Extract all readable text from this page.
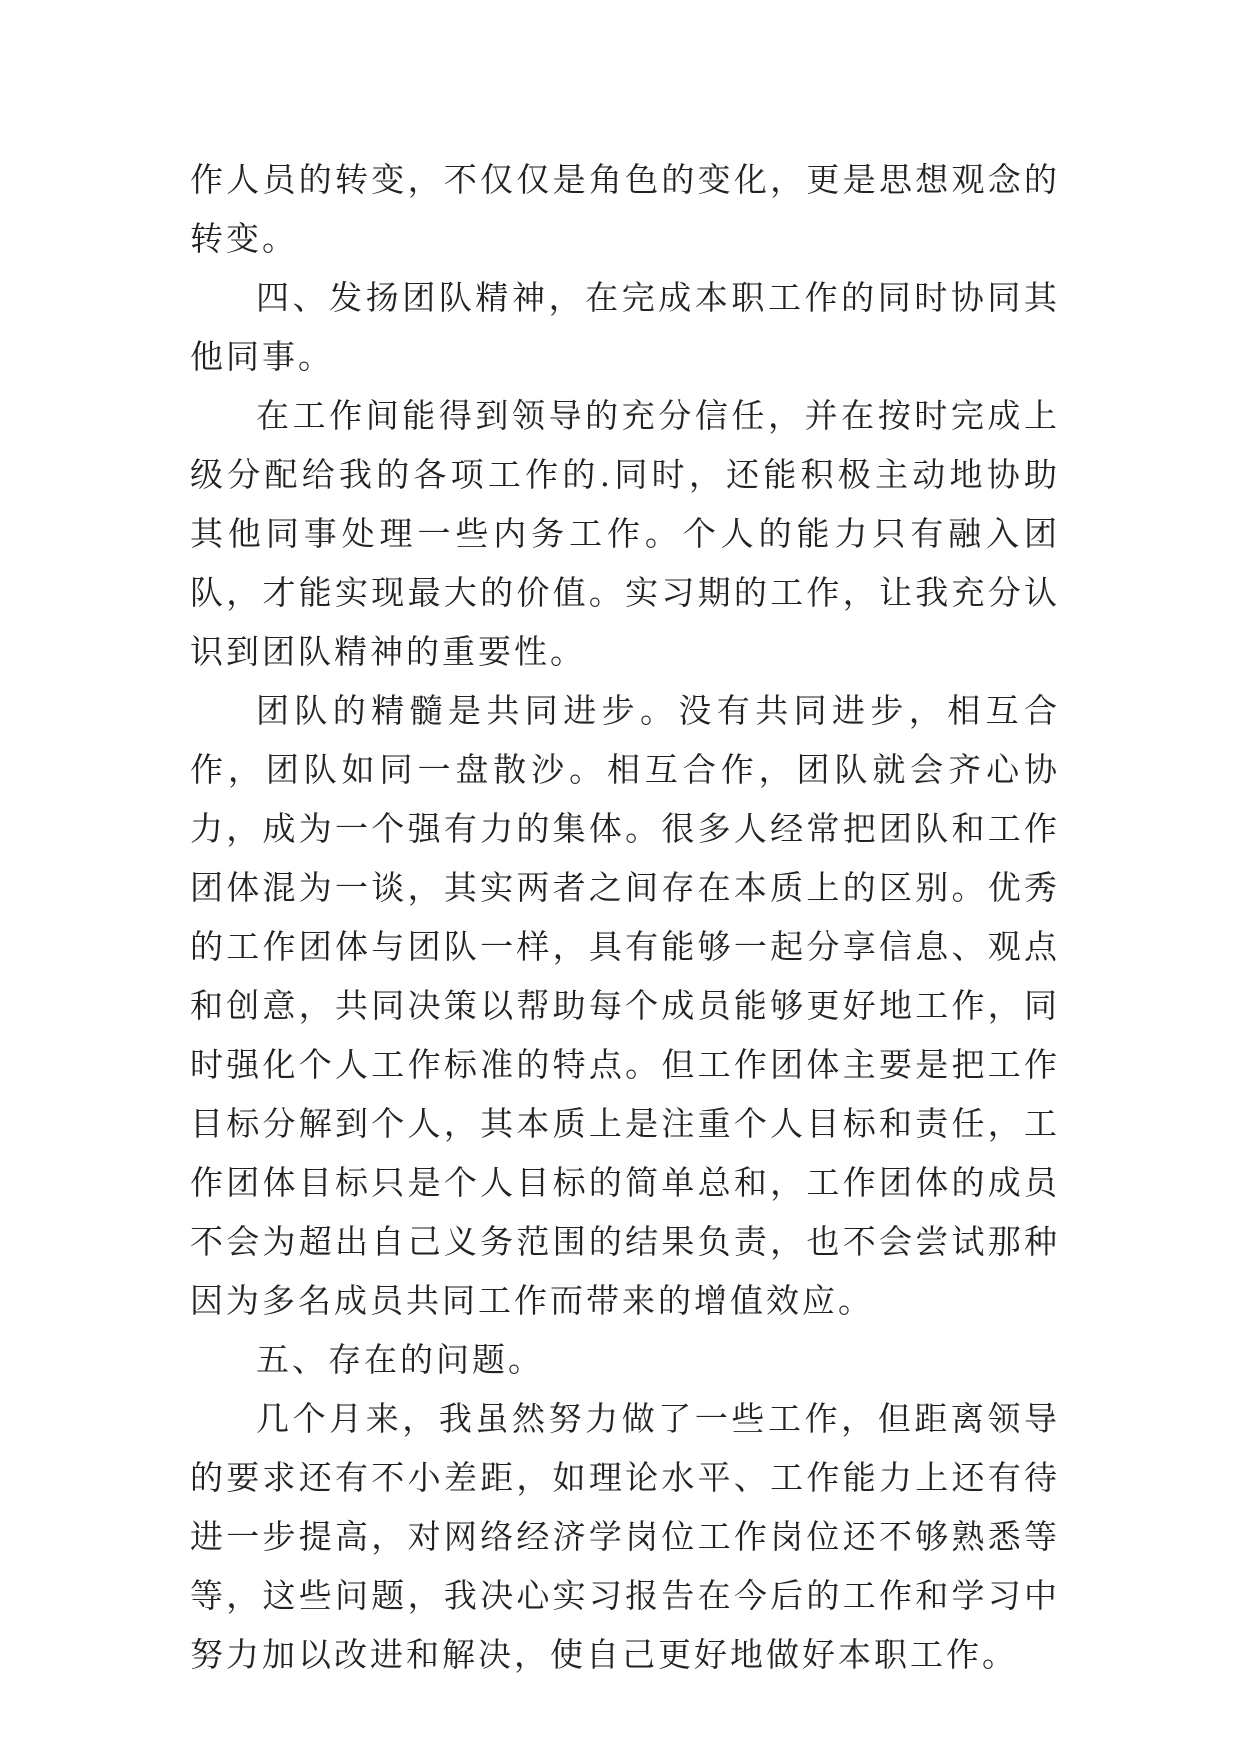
作人员的转变，不仅仅是角色的变化，更是思想观念的转变。

四、发扬团队精神，在完成本职工作的同时协同其他同事。

在工作间能得到领导的充分信任，并在按时完成上级分配给我的各项工作的.同时，还能积极主动地协助其他同事处理一些内务工作。个人的能力只有融入团队，才能实现最大的价值。实习期的工作，让我充分认识到团队精神的重要性。

团队的精髓是共同进步。没有共同进步，相互合作，团队如同一盘散沙。相互合作，团队就会齐心协力，成为一个强有力的集体。很多人经常把团队和工作团体混为一谈，其实两者之间存在本质上的区别。优秀的工作团体与团队一样，具有能够一起分享信息、观点和创意，共同决策以帮助每个成员能够更好地工作，同时强化个人工作标准的特点。但工作团体主要是把工作目标分解到个人，其本质上是注重个人目标和责任，工作团体目标只是个人目标的简单总和，工作团体的成员不会为超出自己义务范围的结果负责，也不会尝试那种因为多名成员共同工作而带来的增值效应。

五、存在的问题。

几个月来，我虽然努力做了一些工作，但距离领导的要求还有不小差距，如理论水平、工作能力上还有待进一步提高，对网络经济学岗位工作岗位还不够熟悉等等，这些问题，我决心实习报告在今后的工作和学习中努力加以改进和解决，使自己更好地做好本职工作。
